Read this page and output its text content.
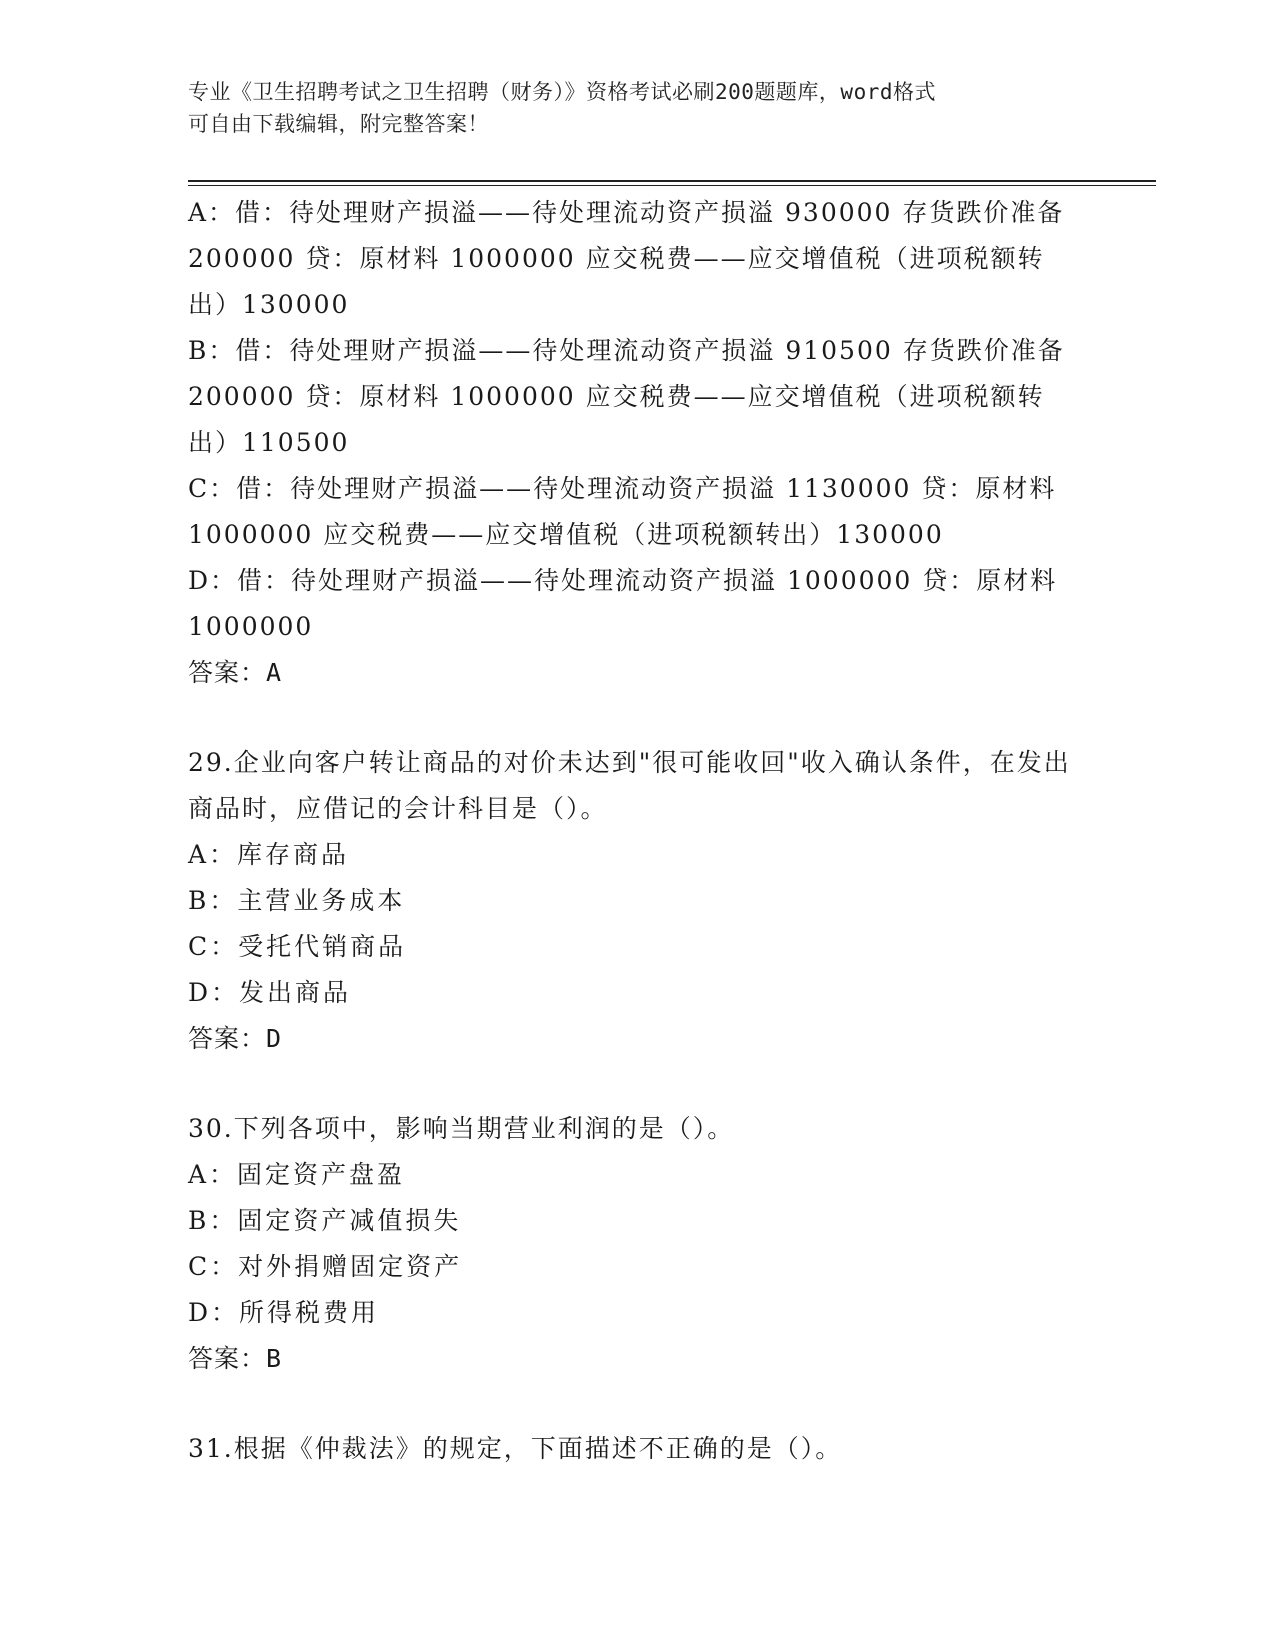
专业《卫生招聘考试之卫生招聘（财务）》资格考试必刷200题题库，word格式
可自由下载编辑，附完整答案！
A：借：待处理财产损溢——待处理流动资产损溢 930000 存货跌价准备 200000 贷：原材料 1000000 应交税费——应交增值税（进项税额转出）130000
B：借：待处理财产损溢——待处理流动资产损溢 910500 存货跌价准备 200000 贷：原材料 1000000 应交税费——应交增值税（进项税额转出）110500
C：借：待处理财产损溢——待处理流动资产损溢 1130000 贷：原材料 1000000 应交税费——应交增值税（进项税额转出）130000
D：借：待处理财产损溢——待处理流动资产损溢 1000000 贷：原材料 1000000
答案：A
29.企业向客户转让商品的对价未达到"很可能收回"收入确认条件，在发出商品时，应借记的会计科目是（）。
A：库存商品
B：主营业务成本
C：受托代销商品
D：发出商品
答案：D
30.下列各项中，影响当期营业利润的是（）。
A：固定资产盘盈
B：固定资产减值损失
C：对外捐赠固定资产
D：所得税费用
答案：B
31.根据《仲裁法》的规定，下面描述不正确的是（）。
